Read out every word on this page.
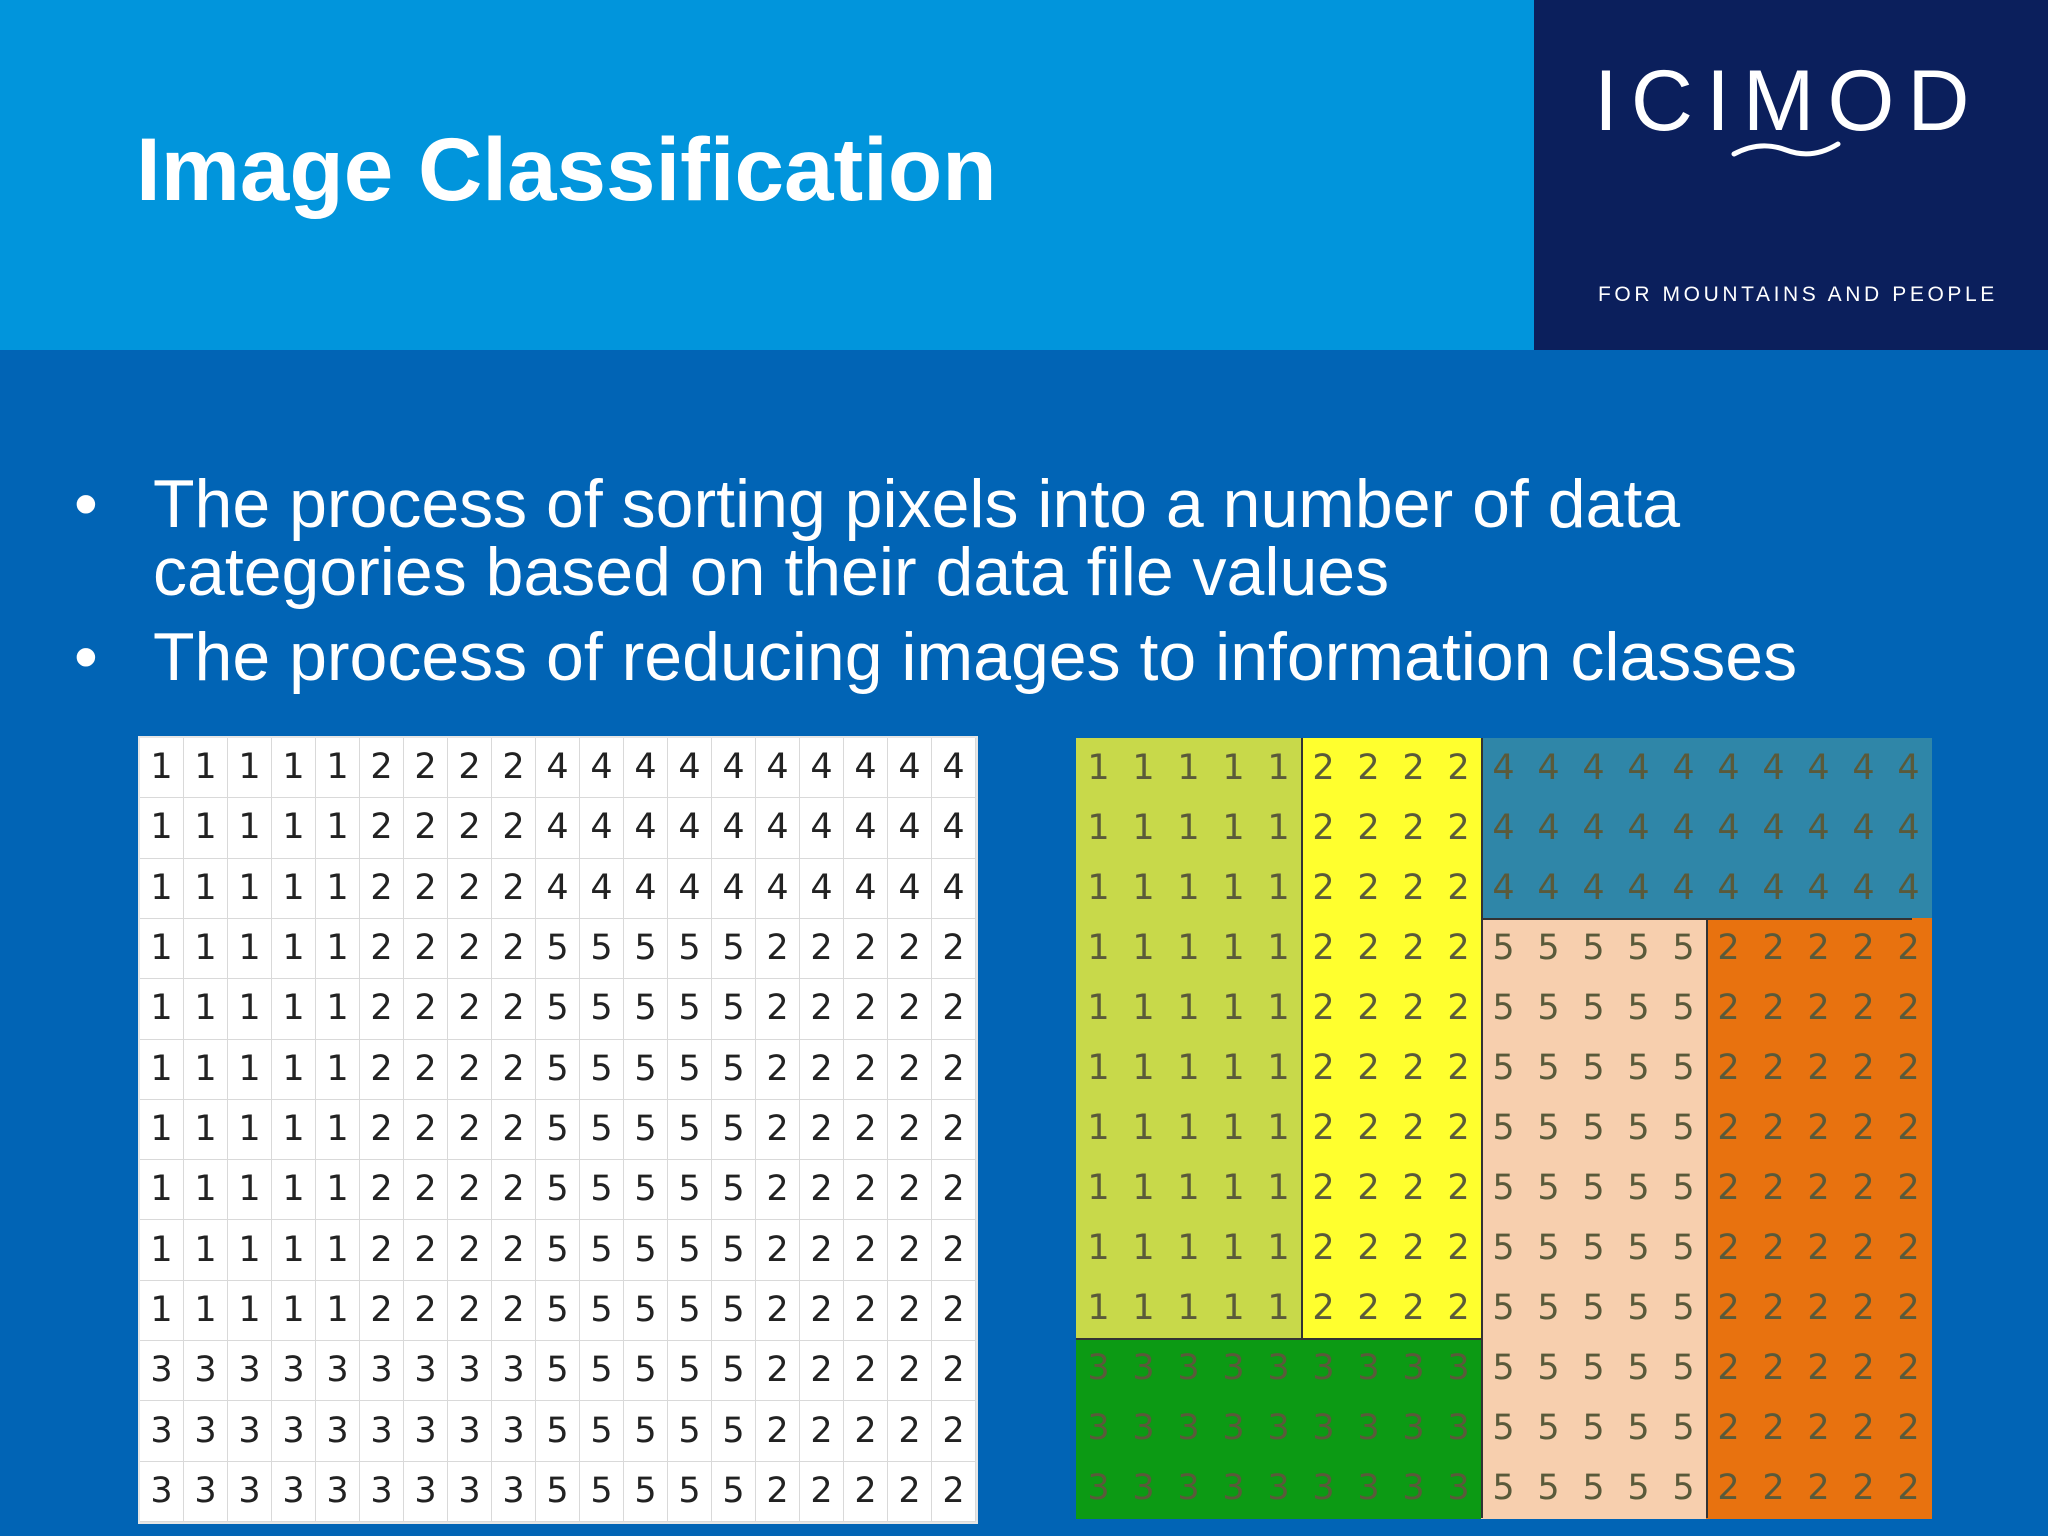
Image Classification
ICIMOD
FOR MOUNTAINS AND PEOPLE
• The process of sorting pixels into a number of data categories based on their data file values
• The process of reducing images to information classes
1 1 1 1 1 2 2 2 2 4 4 4 4 4 4 4 4 4 4
1 1 1 1 1 2 2 2 2 4 4 4 4 4 4 4 4 4 4
1 1 1 1 1 2 2 2 2 4 4 4 4 4 4 4 4 4 4
1 1 1 1 1 2 2 2 2 5 5 5 5 5 2 2 2 2 2
1 1 1 1 1 2 2 2 2 5 5 5 5 5 2 2 2 2 2
1 1 1 1 1 2 2 2 2 5 5 5 5 5 2 2 2 2 2
1 1 1 1 1 2 2 2 2 5 5 5 5 5 2 2 2 2 2
1 1 1 1 1 2 2 2 2 5 5 5 5 5 2 2 2 2 2
1 1 1 1 1 2 2 2 2 5 5 5 5 5 2 2 2 2 2
1 1 1 1 1 2 2 2 2 5 5 5 5 5 2 2 2 2 2
3 3 3 3 3 3 3 3 3 5 5 5 5 5 2 2 2 2 2
3 3 3 3 3 3 3 3 3 5 5 5 5 5 2 2 2 2 2
3 3 3 3 3 3 3 3 3 5 5 5 5 5 2 2 2 2 2
1 1 1 1 1 2 2 2 2 4 4 4 4 4 4 4 4 4 4
1 1 1 1 1 2 2 2 2 4 4 4 4 4 4 4 4 4 4
1 1 1 1 1 2 2 2 2 4 4 4 4 4 4 4 4 4 4
1 1 1 1 1 2 2 2 2 5 5 5 5 5 2 2 2 2 2
1 1 1 1 1 2 2 2 2 5 5 5 5 5 2 2 2 2 2
1 1 1 1 1 2 2 2 2 5 5 5 5 5 2 2 2 2 2
1 1 1 1 1 2 2 2 2 5 5 5 5 5 2 2 2 2 2
1 1 1 1 1 2 2 2 2 5 5 5 5 5 2 2 2 2 2
1 1 1 1 1 2 2 2 2 5 5 5 5 5 2 2 2 2 2
1 1 1 1 1 2 2 2 2 5 5 5 5 5 2 2 2 2 2
3 3 3 3 3 3 3 3 3 5 5 5 5 5 2 2 2 2 2
3 3 3 3 3 3 3 3 3 5 5 5 5 5 2 2 2 2 2
3 3 3 3 3 3 3 3 3 5 5 5 5 5 2 2 2 2 2
